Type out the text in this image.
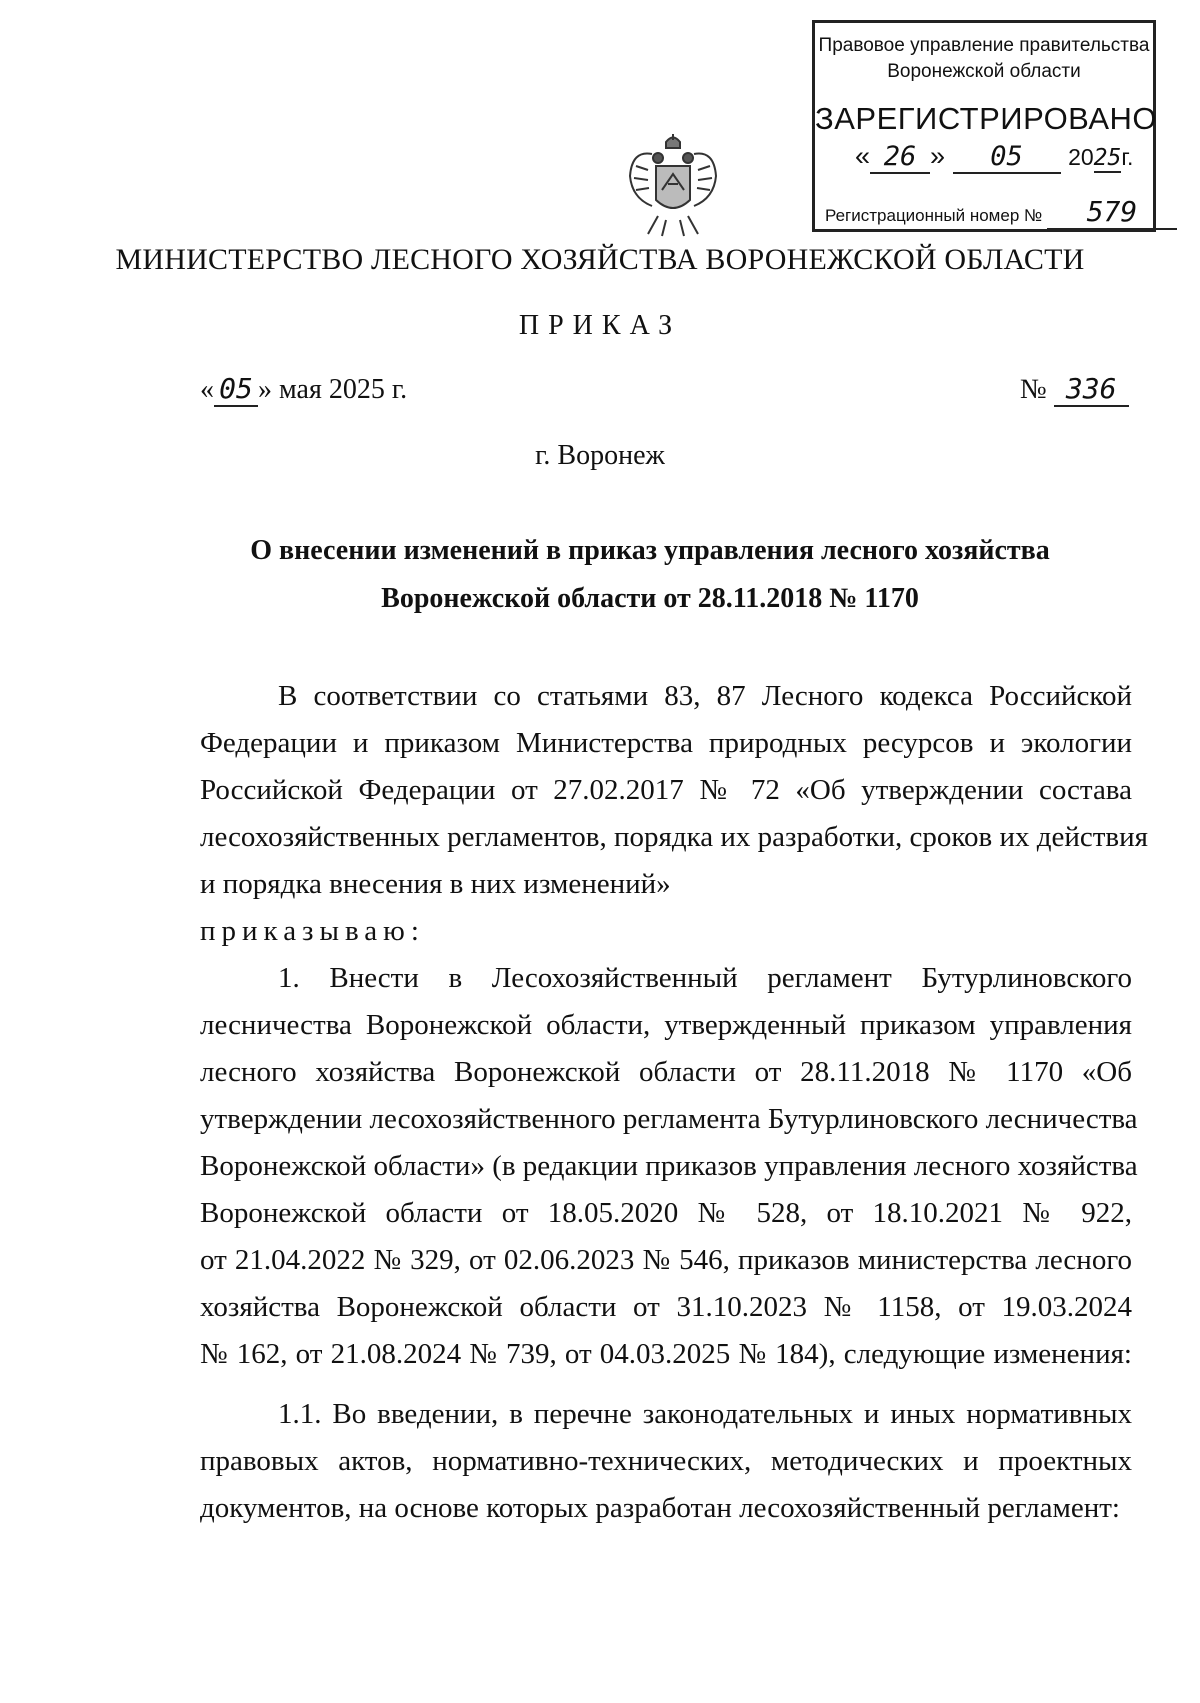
Правовое управление правительства
Воронежской области
ЗАРЕГИСТРИРОВАНО
« 26 » 05 2025г.
Регистрационный номер № 579
МИНИСТЕРСТВО ЛЕСНОГО ХОЗЯЙСТВА ВОРОНЕЖСКОЙ ОБЛАСТИ
ПРИКАЗ
« 05 » мая 2025 г.	№ 336
г. Воронеж
О внесении изменений в приказ управления лесного хозяйства
Воронежской области от 28.11.2018 № 1170
В соответствии со статьями 83, 87 Лесного кодекса Российской
Федерации и приказом Министерства природных ресурсов и экологии
Российской Федерации от 27.02.2017 № 72 «Об утверждении состава
лесохозяйственных регламентов, порядка их разработки, сроков их действия
и порядка внесения в них изменений»
приказываю:
1. Внести в Лесохозяйственный регламент Бутурлиновского
лесничества Воронежской области, утвержденный приказом управления
лесного хозяйства Воронежской области от 28.11.2018 № 1170 «Об
утверждении лесохозяйственного регламента Бутурлиновского лесничества
Воронежской области» (в редакции приказов управления лесного хозяйства
Воронежской области от 18.05.2020 № 528, от 18.10.2021 № 922,
от 21.04.2022 № 329, от 02.06.2023 № 546, приказов министерства лесного
хозяйства Воронежской области от 31.10.2023 № 1158, от 19.03.2024
№ 162, от 21.08.2024 № 739, от 04.03.2025 № 184), следующие изменения:
1.1. Во введении, в перечне законодательных и иных нормативных
правовых актов, нормативно-технических, методических и проектных
документов, на основе которых разработан лесохозяйственный регламент:
